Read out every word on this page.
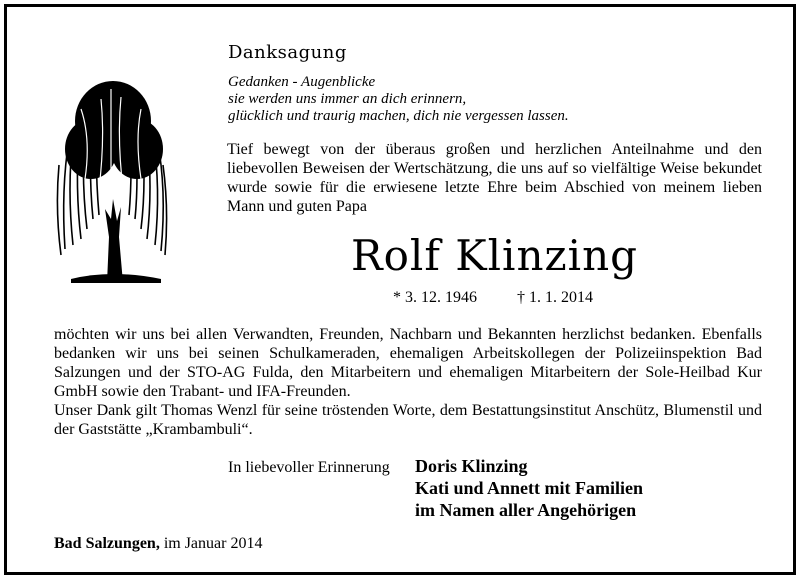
Danksagung
Gedanken - Augenblicke
sie werden uns immer an dich erinnern,
glücklich und traurig machen, dich nie vergessen lassen.
Tief bewegt von der überaus großen und herzlichen Anteilnahme und den liebevollen Beweisen der Wertschätzung, die uns auf so vielfältige Weise bekundet wurde sowie für die erwiesene letzte Ehre beim Abschied von meinem lieben Mann und guten Papa
Rolf Klinzing
* 3. 12. 1946	† 1. 1. 2014
möchten wir uns bei allen Verwandten, Freunden, Nachbarn und Bekannten herzlichst bedanken. Ebenfalls bedanken wir uns bei seinen Schulkameraden, ehemaligen Arbeitskollegen der Polizeiinspektion Bad Salzungen und der STO-AG Fulda, den Mitarbeitern und ehemaligen Mitarbeitern der Sole-Heilbad Kur GmbH sowie den Trabant- und IFA-Freunden.
Unser Dank gilt Thomas Wenzl für seine tröstenden Worte, dem Bestattungsinstitut Anschütz, Blumenstil und der Gaststätte „Krambambuli“.
In liebevoller Erinnerung Doris Klinzing
Kati und Annett mit Familien
im Namen aller Angehörigen
Bad Salzungen, im Januar 2014
